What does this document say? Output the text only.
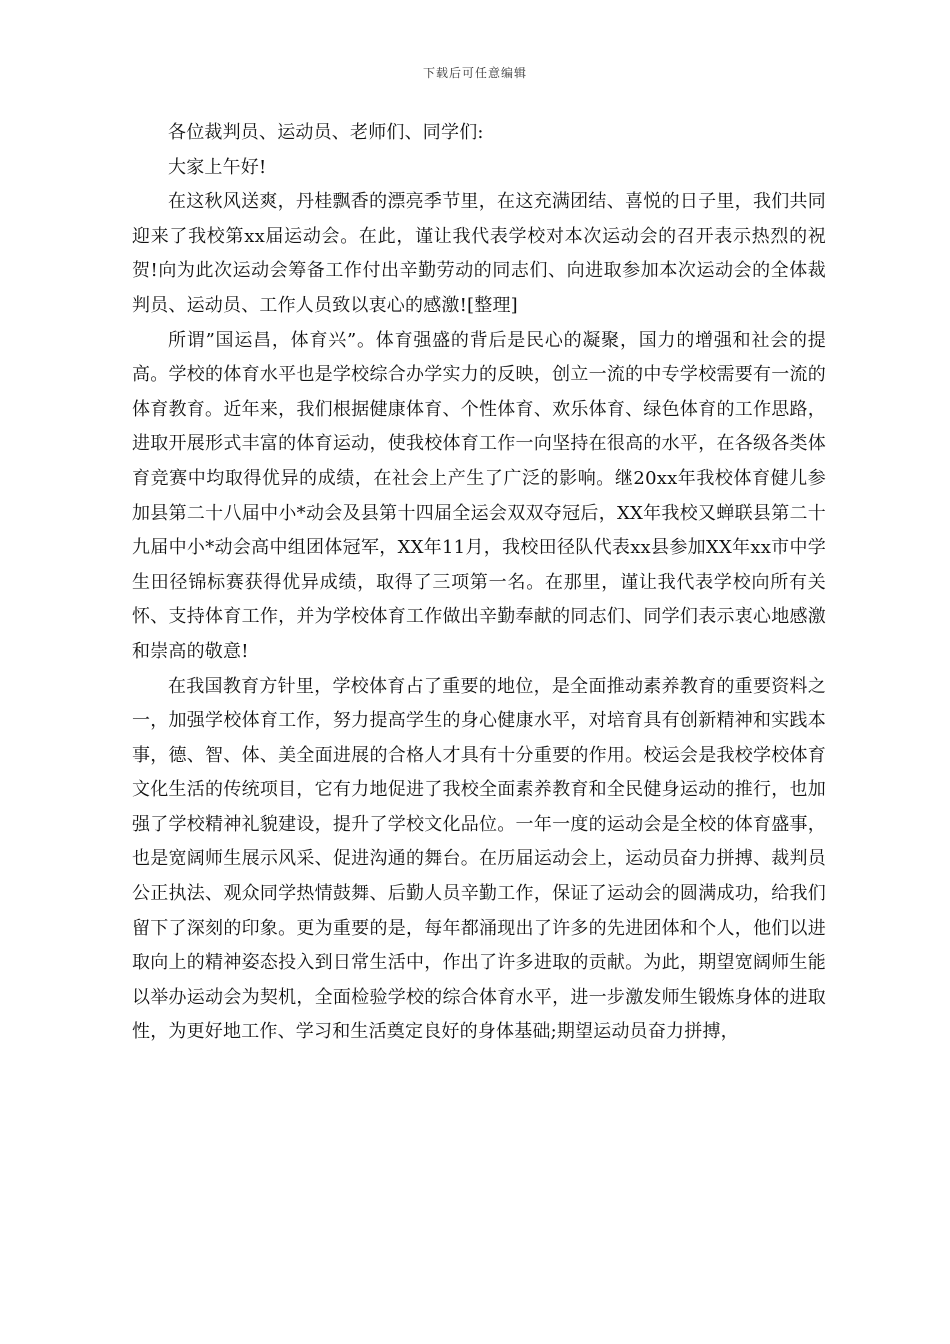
下载后可任意编辑

各位裁判员、运动员、老师们、同学们:

大家上午好!

在这秋风送爽，丹桂飘香的漂亮季节里，在这充满团结、喜悦的日子里，我们共同迎来了我校第xx届运动会。在此，谨让我代表学校对本次运动会的召开表示热烈的祝贺!向为此次运动会筹备工作付出辛勤劳动的同志们、向进取参加本次运动会的全体裁判员、运动员、工作人员致以衷心的感激![整理]

所谓”国运昌，体育兴”。体育强盛的背后是民心的凝聚，国力的增强和社会的提高。学校的体育水平也是学校综合办学实力的反映，创立一流的中专学校需要有一流的体育教育。近年来，我们根据健康体育、个性体育、欢乐体育、绿色体育的工作思路，进取开展形式丰富的体育运动，使我校体育工作一向坚持在很高的水平，在各级各类体育竞赛中均取得优异的成绩，在社会上产生了广泛的影响。继20xx年我校体育健儿参加县第二十八届中小*动会及县第十四届全运会双双夺冠后，XX年我校又蝉联县第二十九届中小*动会高中组团体冠军，XX年11月，我校田径队代表xx县参加XX年xx市中学生田径锦标赛获得优异成绩，取得了三项第一名。在那里，谨让我代表学校向所有关怀、支持体育工作，并为学校体育工作做出辛勤奉献的同志们、同学们表示衷心地感激和崇高的敬意!

在我国教育方针里，学校体育占了重要的地位，是全面推动素养教育的重要资料之一，加强学校体育工作，努力提高学生的身心健康水平，对培育具有创新精神和实践本事，德、智、体、美全面进展的合格人才具有十分重要的作用。校运会是我校学校体育文化生活的传统项目，它有力地促进了我校全面素养教育和全民健身运动的推行，也加强了学校精神礼貌建设，提升了学校文化品位。一年一度的运动会是全校的体育盛事，也是宽阔师生展示风采、促进沟通的舞台。在历届运动会上，运动员奋力拼搏、裁判员公正执法、观众同学热情鼓舞、后勤人员辛勤工作，保证了运动会的圆满成功，给我们留下了深刻的印象。更为重要的是，每年都涌现出了许多的先进团体和个人，他们以进取向上的精神姿态投入到日常生活中，作出了许多进取的贡献。为此，期望宽阔师生能以举办运动会为契机，全面检验学校的综合体育水平，进一步激发师生锻炼身体的进取性，为更好地工作、学习和生活奠定良好的身体基础;期望运动员奋力拼搏，
